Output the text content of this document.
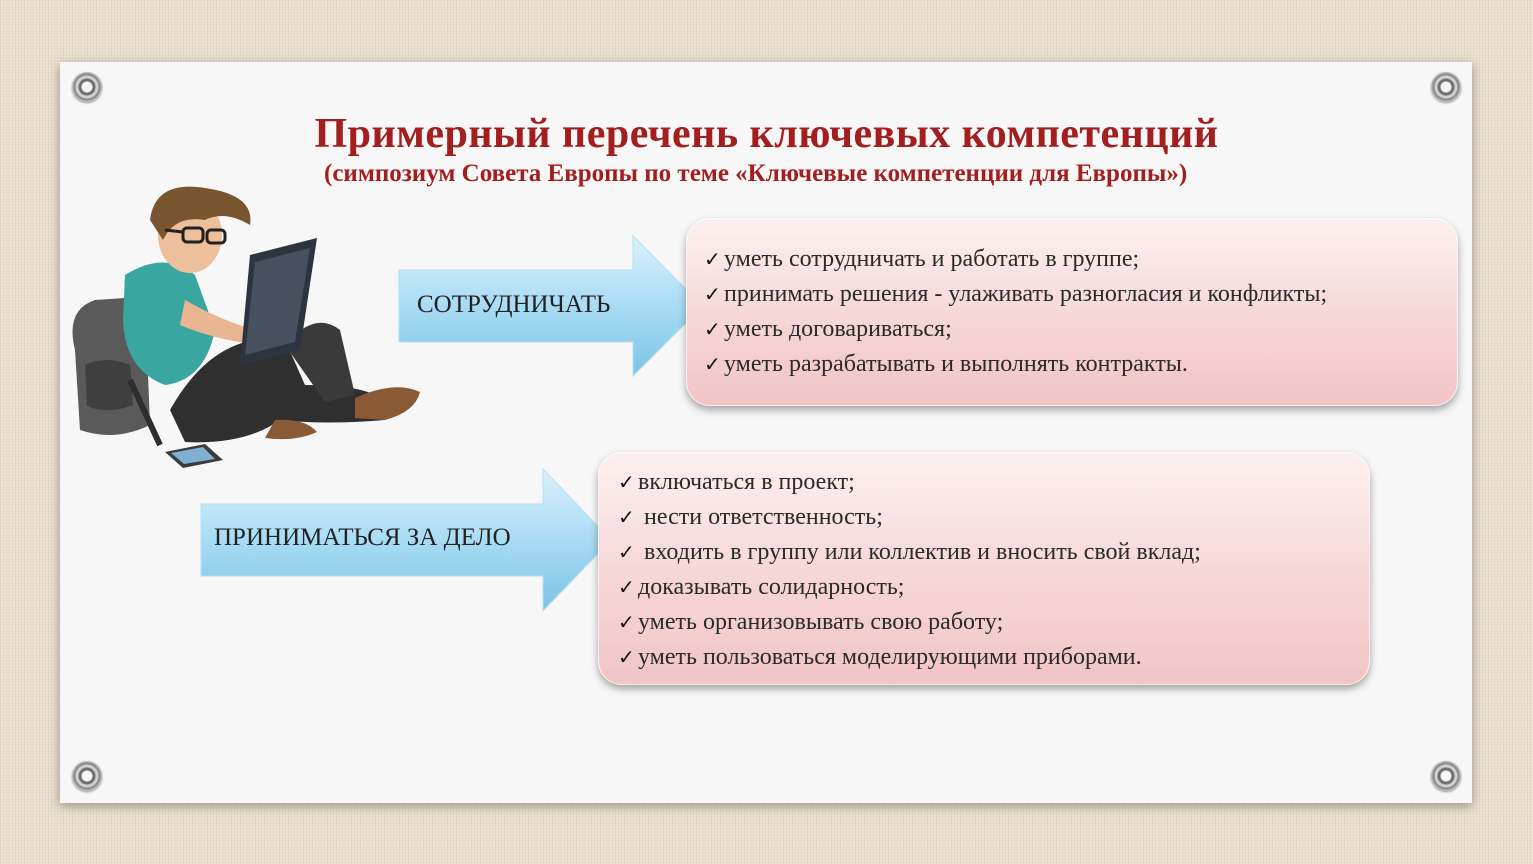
Примерный перечень ключевых компетенций
(симпозиум Совета Европы по теме «Ключевые компетенции для Европы»)
СОТРУДНИЧАТЬ
✓ уметь сотрудничать и работать в группе;
✓ принимать решения - улаживать разногласия и конфликты;
✓ уметь договариваться;
✓ уметь разрабатывать и выполнять контракты.
ПРИНИМАТЬСЯ ЗА ДЕЛО
✓ включаться в проект;
✓ нести ответственность;
✓ входить в группу или коллектив и вносить свой вклад;
✓ доказывать солидарность;
✓ уметь организовывать свою работу;
✓ уметь пользоваться моделирующими приборами.
